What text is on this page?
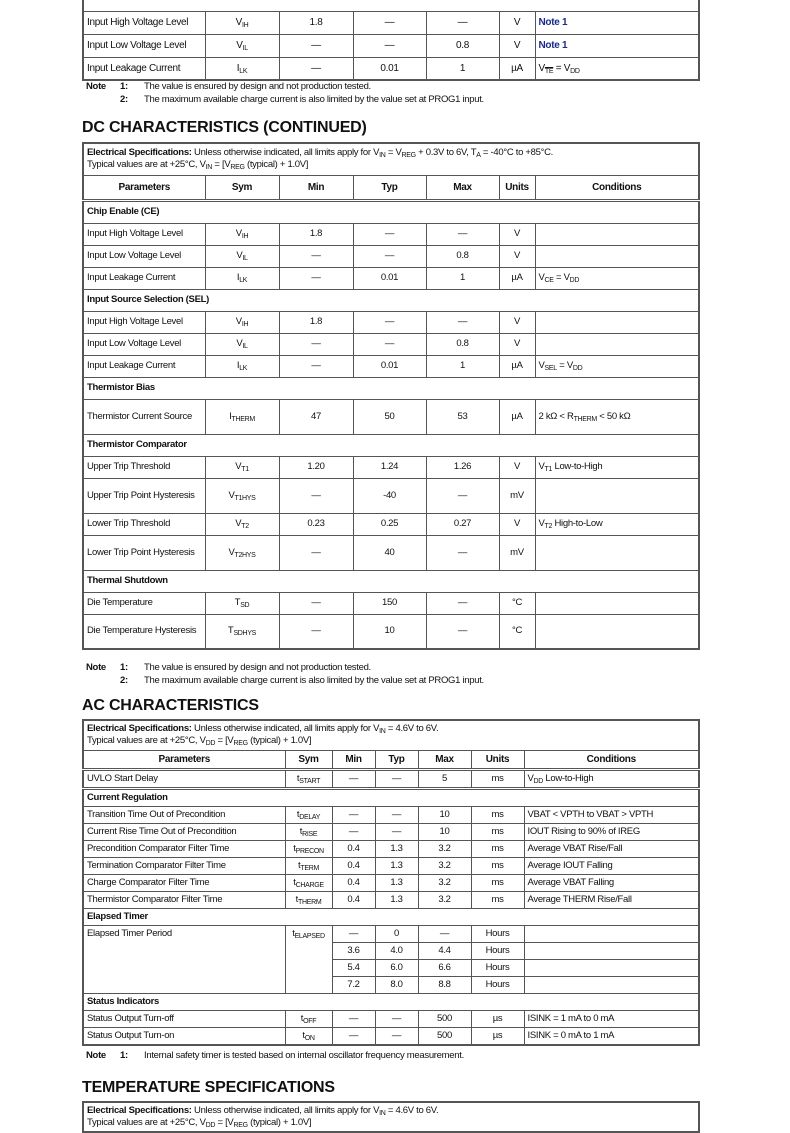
Input High Voltage Level	$V_{IH}$	1.8	—	—	V	Note 1
Input Low Voltage Level	$V_{IL}$	—	—	0.8	V	Note 1
Input Leakage Current	$I_{LK}$	—	0.01	1	µA	$V_{\overline{TE}} = V_{DD}$
Note	1:	The value is ensured by design and not production tested.
2:	The maximum available charge current is also limited by the value set at PROG1 input.
DC CHARACTERISTICS (CONTINUED)
Electrical Specifications: Unless otherwise indicated, all limits apply for $V_{IN} = V_{REG} + 0.3V$ to 6V, $T_A = -40^\circ C$ to +85°C.
Typical values are at +25°C, $V_{IN} = [V_{REG}$ (typical) + 1.0V]
Parameters	Sym	Min	Typ	Max	Units	Conditions
Chip Enable (CE)						
Input High Voltage Level	$V_{IH}$	1.8	—	—	V	
Input Low Voltage Level	$V_{IL}$	—	—	0.8	V	
Input Leakage Current	$I_{LK}$	—	0.01	1	µA	$V_{CE} = V_{DD}$
Input Source Selection (SEL)						
Input High Voltage Level	$V_{IH}$	1.8	—	—	V	
Input Low Voltage Level	$V_{IL}$	—	—	0.8	V	
Input Leakage Current	$I_{LK}$	—	0.01	1	µA	$V_{SEL} = V_{DD}$
Thermistor Bias						
Thermistor Current Source	$I_{THERM}$	47	50	53	µA	2 $k\Omega < R_{THERM} < 50$ kΩ
Thermistor Comparator						
Upper Trip Threshold	$V_{T1}$	1.20	1.24	1.26	V	$V_{T1}$ Low-to-High
Upper Trip Point Hysteresis	$V_{T1HYS}$	—	-40	—	mV	
Lower Trip Threshold	$V_{T2}$	0.23	0.25	0.27	V	$V_{T2}$ High-to-Low
Lower Trip Point Hysteresis	$V_{T2HYS}$	—	40	—	mV	
Thermal Shutdown						
Die Temperature	$T_{SD}$	—	150	—	°C	
Die Temperature Hysteresis	$T_{SDHYS}$	—	10	—	°C	
Note	1:	The value is ensured by design and not production tested.
2:	The maximum available charge current is also limited by the value set at PROG1 input.
AC CHARACTERISTICS
Electrical Specifications: Unless otherwise indicated, all limits apply for $V_{IN} = 4.6V$ to 6V.
Typical values are at +25°C, $V_{DD} = [V_{REG}$ (typical) + 1.0V]
Parameters	Sym	Min	Typ	Max	Units	Conditions
UVLO Start Delay	$t_{START}$	—	—	5	ms	$V_{DD}$ Low-to-High
Current Regulation						
Transition Time Out of Precondition	$t_{DELAY}$	—	—	10	ms	VBAT < VPTH to VBAT > VPTH
Current Rise Time Out of Precondition	$t_{RISE}$	—	—	10	ms	IOUT Rising to 90% of IREG
Precondition Comparator Filter Time	$t_{PRECON}$	0.4	1.3	3.2	ms	Average VBAT Rise/Fall
Termination Comparator Filter Time	$t_{TERM}$	0.4	1.3	3.2	ms	Average IOUT Falling
Charge Comparator Filter Time	$t_{CHARGE}$	0.4	1.3	3.2	ms	Average VBAT Falling
Thermistor Comparator Filter Time	$t_{THERM}$	0.4	1.3	3.2	ms	Average THERM Rise/Fall
Elapsed Timer						
Elapsed Timer Period	$t_{ELAPSED}$	—	0	—	Hours	
		3.6	4.0	4.4	Hours	
		5.4	6.0	6.6	Hours	
		7.2	8.0	8.8	Hours	
Status Indicators						
Status Output Turn-off	$t_{OFF}$	—	—	500	µs	ISINK = 1 mA to 0 mA
Status Output Turn-on	$t_{ON}$	—	—	500	µs	ISINK = 0 mA to 1 mA
Note	1:	Internal safety timer is tested based on internal oscillator frequency measurement.
TEMPERATURE SPECIFICATIONS
Electrical Specifications: Unless otherwise indicated, all limits apply for $V_{IN} = 4.6V$ to 6V.
Typical values are at +25°C, $V_{DD} = [V_{REG}$ (typical) + 1.0V]
